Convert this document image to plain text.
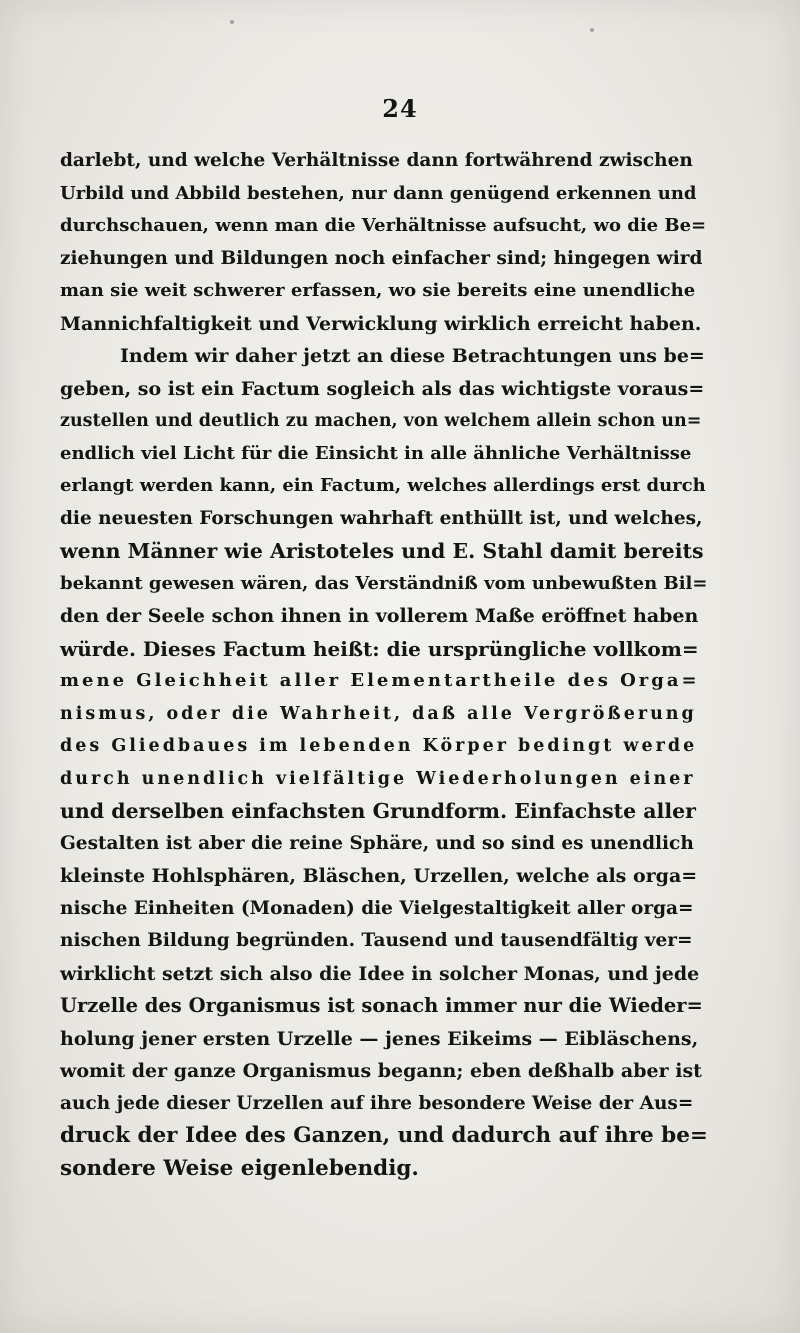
24
darlebt, und welche Verhältnisse dann fortwährend zwischen
Urbild und Abbild bestehen, nur dann genügend erkennen und
durchschauen, wenn man die Verhältnisse aufsucht, wo die Be=
ziehungen und Bildungen noch einfacher sind; hingegen wird
man sie weit schwerer erfassen, wo sie bereits eine unendliche
Mannichfaltigkeit und Verwicklung wirklich erreicht haben.
Indem wir daher jetzt an diese Betrachtungen uns be=
geben, so ist ein Factum sogleich als das wichtigste voraus=
zustellen und deutlich zu machen, von welchem allein schon un=
endlich viel Licht für die Einsicht in alle ähnliche Verhältnisse
erlangt werden kann, ein Factum, welches allerdings erst durch
die neuesten Forschungen wahrhaft enthüllt ist, und welches,
wenn Männer wie Aristoteles und E. Stahl damit bereits
bekannt gewesen wären, das Verständniß vom unbewußten Bil=
den der Seele schon ihnen in vollerem Maße eröffnet haben
würde. Dieses Factum heißt: die ursprüngliche vollkom=
mene Gleichheit aller Elementartheile des Orga=
nismus, oder die Wahrheit, daß alle Vergrößerung
des Gliedbaues im lebenden Körper bedingt werde
durch unendlich vielfältige Wiederholungen einer
und derselben einfachsten Grundform. Einfachste aller
Gestalten ist aber die reine Sphäre, und so sind es unendlich
kleinste Hohlsphären, Bläschen, Urzellen, welche als orga=
nische Einheiten (Monaden) die Vielgestaltigkeit aller orga=
nischen Bildung begründen. Tausend und tausendfältig ver=
wirklicht setzt sich also die Idee in solcher Monas, und jede
Urzelle des Organismus ist sonach immer nur die Wieder=
holung jener ersten Urzelle — jenes Eikeims — Eibläschens,
womit der ganze Organismus begann; eben deßhalb aber ist
auch jede dieser Urzellen auf ihre besondere Weise der Aus=
druck der Idee des Ganzen, und dadurch auf ihre be=
sondere Weise eigenlebendig.
